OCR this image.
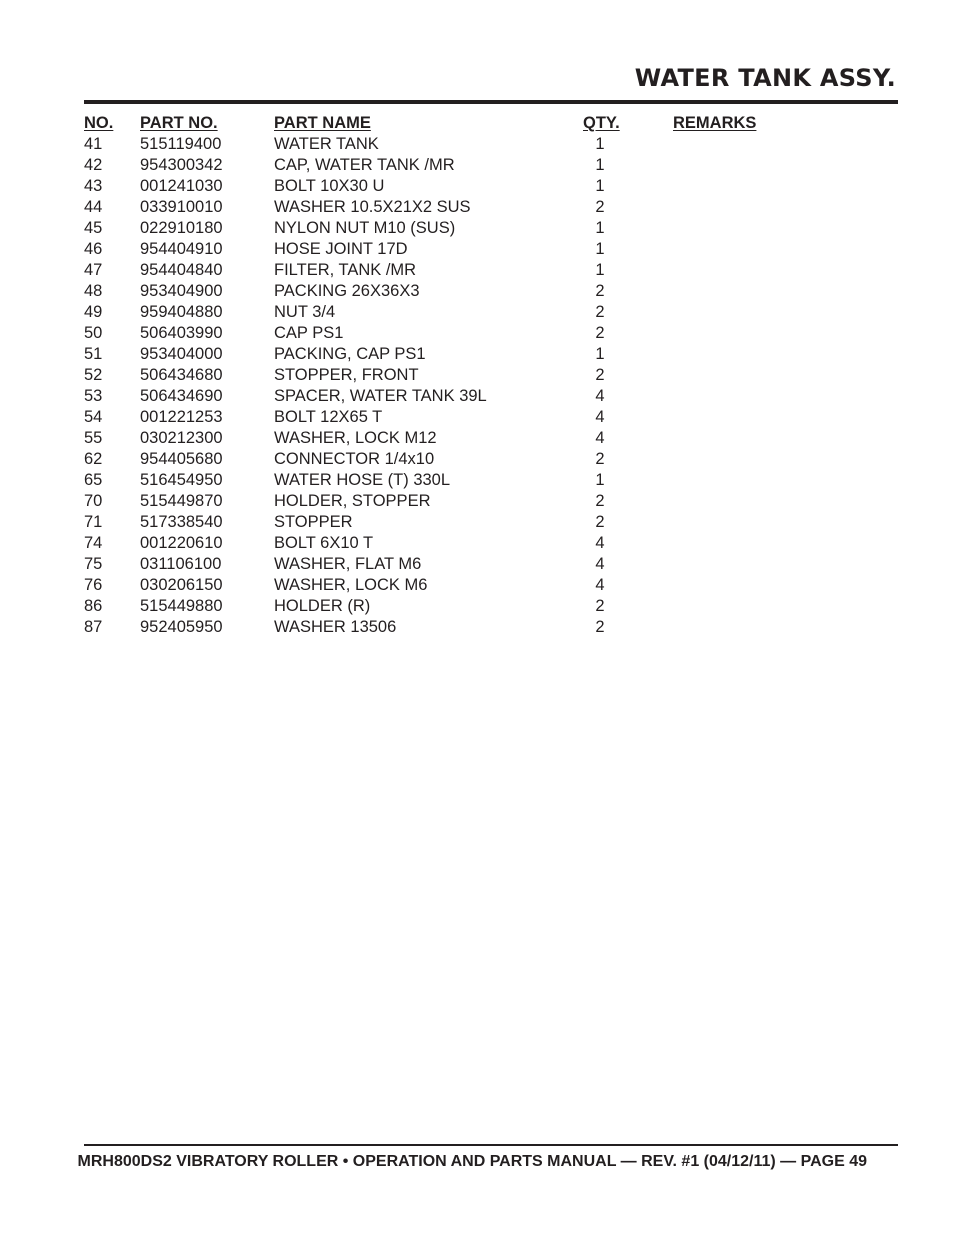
WATER TANK ASSY.
NO. PART NO.	PART NAME	QTY.	REMARKS
41 515119400	WATER TANK	1
42 954300342	CAP, WATER TANK /MR	1
43 001241030	BOLT 10X30 U	1
44 033910010	WASHER 10.5X21X2 SUS	2
45 022910180	NYLON NUT M10 (SUS)	1
46 954404910	HOSE JOINT 17D	1
47 954404840	FILTER, TANK /MR	1
48 953404900	PACKING 26X36X3	2
49 959404880	NUT 3/4	2
50 506403990	CAP PS1	2
51 953404000	PACKING, CAP PS1	1
52 506434680	STOPPER, FRONT	2
53 506434690	SPACER, WATER TANK 39L	4
54 001221253	BOLT 12X65 T	4
55 030212300	WASHER, LOCK M12	4
62 954405680	CONNECTOR 1/4x10	2
65 516454950	WATER HOSE (T) 330L	1
70 515449870	HOLDER, STOPPER	2
71 517338540	STOPPER	2
74 001220610	BOLT 6X10 T	4
75 031106100	WASHER, FLAT M6	4
76 030206150	WASHER, LOCK M6	4
86 515449880	HOLDER (R)	2
87 952405950	WASHER 13506	2
MRH800DS2 VIBRATORY ROLLER • OPERATION AND PARTS MANUAL — REV. #1 (04/12/11) — PAGE 49
